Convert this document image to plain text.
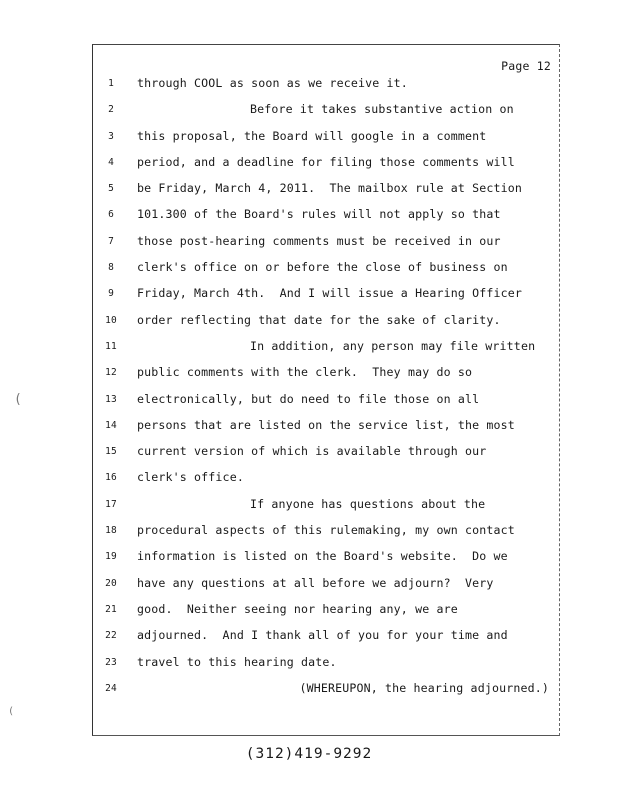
Page 12
1	through COOL as soon as we receive it.
2	Before it takes substantive action on
3	this proposal, the Board will google in a comment
4	period, and a deadline for filing those comments will
5	be Friday, March 4, 2011.  The mailbox rule at Section
6	101.300 of the Board's rules will not apply so that
7	those post-hearing comments must be received in our
8	clerk's office on or before the close of business on
9	Friday, March 4th.  And I will issue a Hearing Officer
10	order reflecting that date for the sake of clarity.
11	In addition, any person may file written
12	public comments with the clerk.  They may do so
13	electronically, but do need to file those on all
14	persons that are listed on the service list, the most
15	current version of which is available through our
16	clerk's office.
17	If anyone has questions about the
18	procedural aspects of this rulemaking, my own contact
19	information is listed on the Board's website.  Do we
20	have any questions at all before we adjourn?  Very
21	good.  Neither seeing nor hearing any, we are
22	adjourned.  And I thank all of you for your time and
23	travel to this hearing date.
24	(WHEREUPON, the hearing adjourned.)
(
(
(312)419-9292
